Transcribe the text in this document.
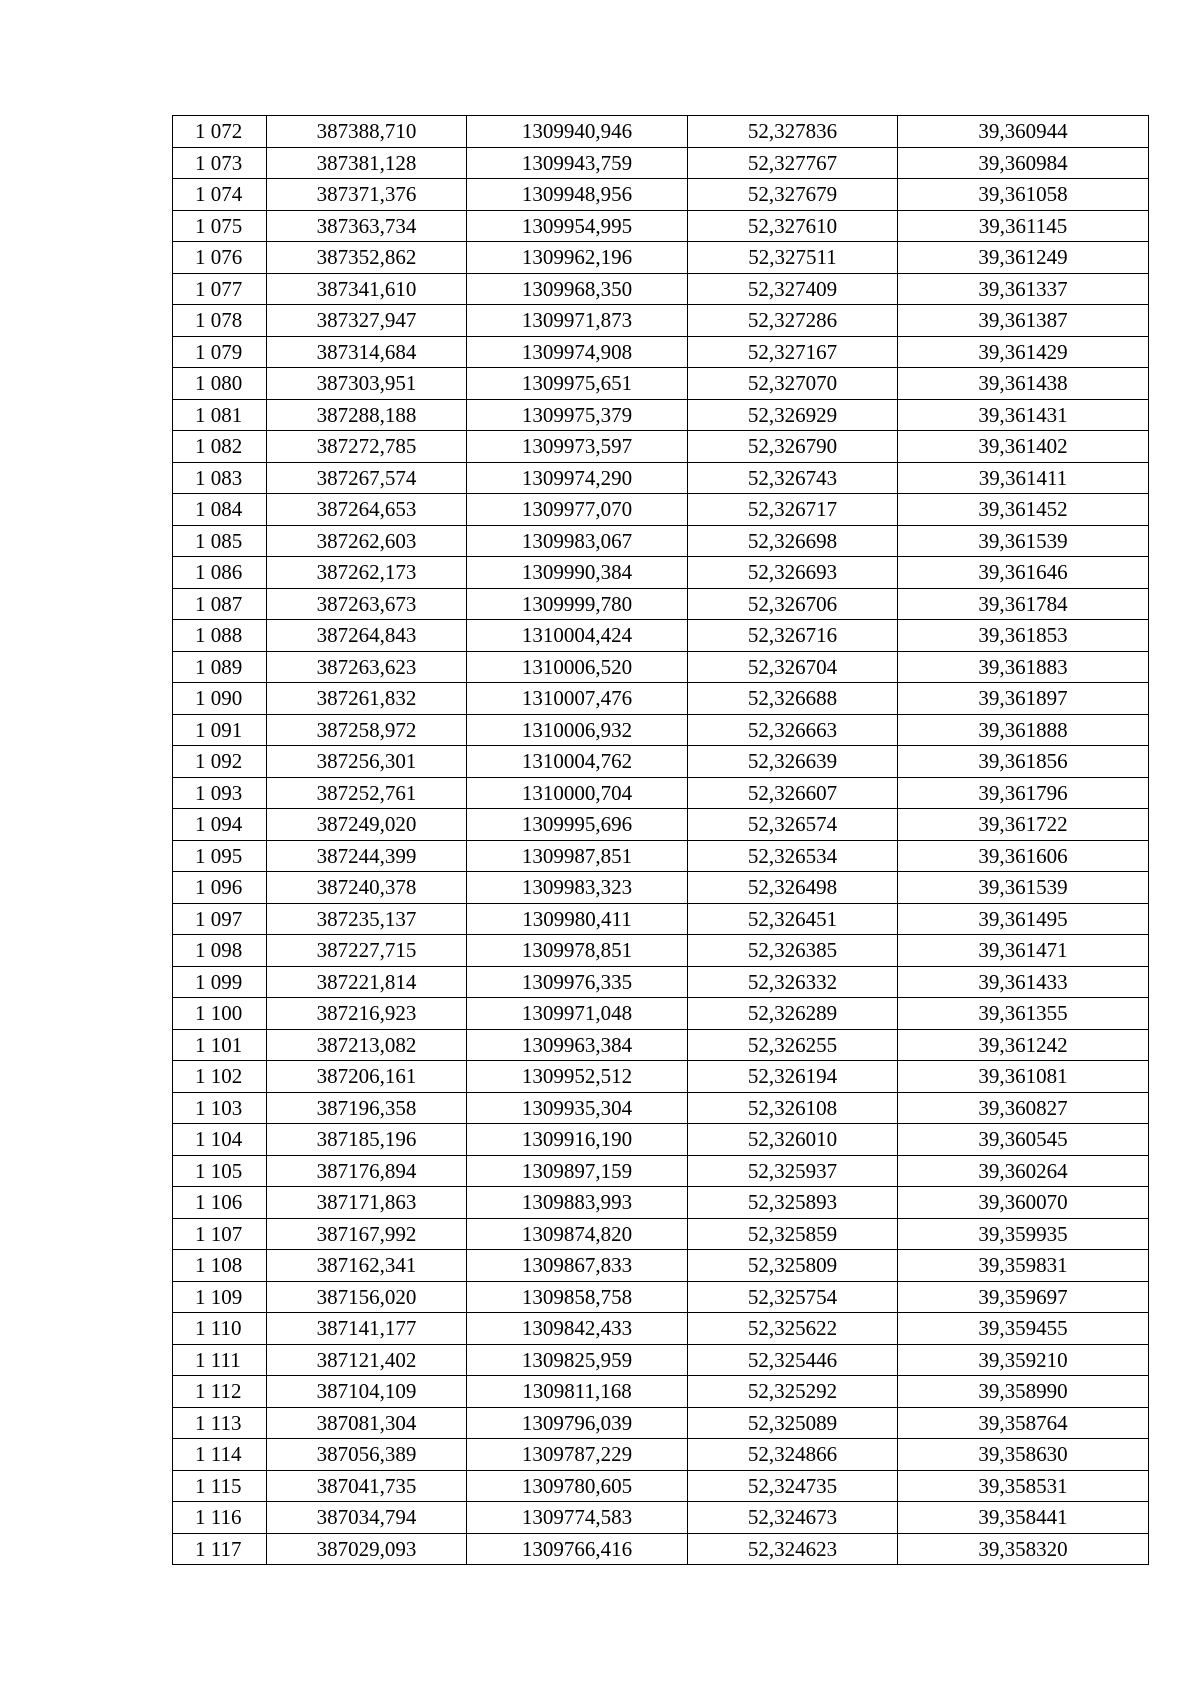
1 072	387388,710	1309940,946	52,327836	39,360944
1 073	387381,128	1309943,759	52,327767	39,360984
1 074	387371,376	1309948,956	52,327679	39,361058
1 075	387363,734	1309954,995	52,327610	39,361145
1 076	387352,862	1309962,196	52,327511	39,361249
1 077	387341,610	1309968,350	52,327409	39,361337
1 078	387327,947	1309971,873	52,327286	39,361387
1 079	387314,684	1309974,908	52,327167	39,361429
1 080	387303,951	1309975,651	52,327070	39,361438
1 081	387288,188	1309975,379	52,326929	39,361431
1 082	387272,785	1309973,597	52,326790	39,361402
1 083	387267,574	1309974,290	52,326743	39,361411
1 084	387264,653	1309977,070	52,326717	39,361452
1 085	387262,603	1309983,067	52,326698	39,361539
1 086	387262,173	1309990,384	52,326693	39,361646
1 087	387263,673	1309999,780	52,326706	39,361784
1 088	387264,843	1310004,424	52,326716	39,361853
1 089	387263,623	1310006,520	52,326704	39,361883
1 090	387261,832	1310007,476	52,326688	39,361897
1 091	387258,972	1310006,932	52,326663	39,361888
1 092	387256,301	1310004,762	52,326639	39,361856
1 093	387252,761	1310000,704	52,326607	39,361796
1 094	387249,020	1309995,696	52,326574	39,361722
1 095	387244,399	1309987,851	52,326534	39,361606
1 096	387240,378	1309983,323	52,326498	39,361539
1 097	387235,137	1309980,411	52,326451	39,361495
1 098	387227,715	1309978,851	52,326385	39,361471
1 099	387221,814	1309976,335	52,326332	39,361433
1 100	387216,923	1309971,048	52,326289	39,361355
1 101	387213,082	1309963,384	52,326255	39,361242
1 102	387206,161	1309952,512	52,326194	39,361081
1 103	387196,358	1309935,304	52,326108	39,360827
1 104	387185,196	1309916,190	52,326010	39,360545
1 105	387176,894	1309897,159	52,325937	39,360264
1 106	387171,863	1309883,993	52,325893	39,360070
1 107	387167,992	1309874,820	52,325859	39,359935
1 108	387162,341	1309867,833	52,325809	39,359831
1 109	387156,020	1309858,758	52,325754	39,359697
1 110	387141,177	1309842,433	52,325622	39,359455
1 111	387121,402	1309825,959	52,325446	39,359210
1 112	387104,109	1309811,168	52,325292	39,358990
1 113	387081,304	1309796,039	52,325089	39,358764
1 114	387056,389	1309787,229	52,324866	39,358630
1 115	387041,735	1309780,605	52,324735	39,358531
1 116	387034,794	1309774,583	52,324673	39,358441
1 117	387029,093	1309766,416	52,324623	39,358320
